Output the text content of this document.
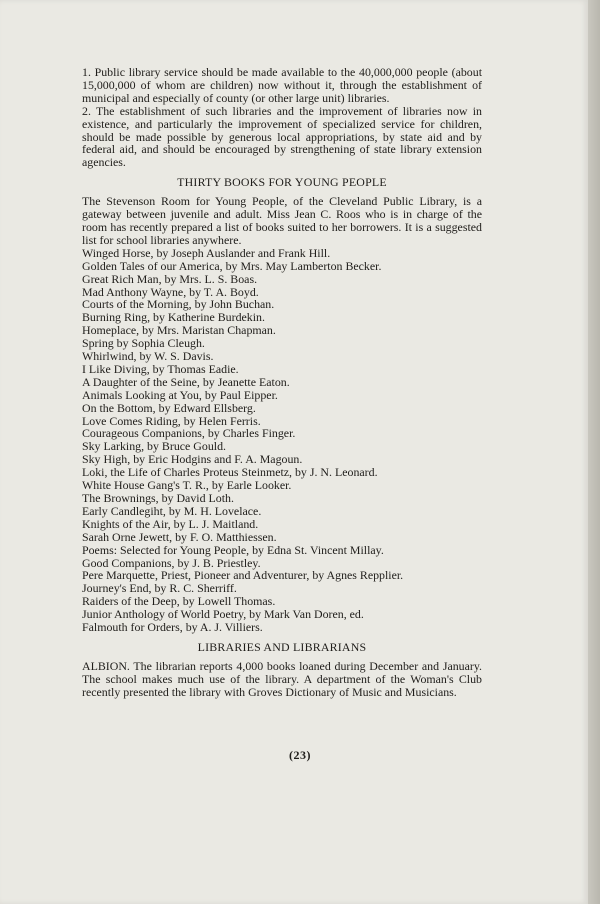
1. Public library service should be made available to the 40,000,000 people (about 15,000,000 of whom are children) now without it, through the establishment of municipal and especially of county (or other large unit) libraries.

2. The establishment of such libraries and the improvement of libraries now in existence, and particularly the improvement of specialized service for children, should be made possible by generous local appropriations, by state aid and by federal aid, and should be encouraged by strengthening of state library extension agencies.

THIRTY BOOKS FOR YOUNG PEOPLE

The Stevenson Room for Young People, of the Cleveland Public Library, is a gateway between juvenile and adult. Miss Jean C. Roos who is in charge of the room has recently prepared a list of books suited to her borrowers. It is a suggested list for school libraries anywhere.

Winged Horse, by Joseph Auslander and Frank Hill.
Golden Tales of our America, by Mrs. May Lamberton Becker.
Great Rich Man, by Mrs. L. S. Boas.
Mad Anthony Wayne, by T. A. Boyd.
Courts of the Morning, by John Buchan.
Burning Ring, by Katherine Burdekin.
Homeplace, by Mrs. Maristan Chapman.
Spring by Sophia Cleugh.
Whirlwind, by W. S. Davis.
I Like Diving, by Thomas Eadie.
A Daughter of the Seine, by Jeanette Eaton.
Animals Looking at You, by Paul Eipper.
On the Bottom, by Edward Ellsberg.
Love Comes Riding, by Helen Ferris.
Courageous Companions, by Charles Finger.
Sky Larking, by Bruce Gould.
Sky High, by Eric Hodgins and F. A. Magoun.
Loki, the Life of Charles Proteus Steinmetz, by J. N. Leonard.
White House Gang's T. R., by Earle Looker.
The Brownings, by David Loth.
Early Candlegiht, by M. H. Lovelace.
Knights of the Air, by L. J. Maitland.
Sarah Orne Jewett, by F. O. Matthiessen.
Poems: Selected for Young People, by Edna St. Vincent Millay.
Good Companions, by J. B. Priestley.
Pere Marquette, Priest, Pioneer and Adventurer, by Agnes Repplier.
Journey's End, by R. C. Sherriff.
Raiders of the Deep, by Lowell Thomas.
Junior Anthology of World Poetry, by Mark Van Doren, ed.
Falmouth for Orders, by A. J. Villiers.
LIBRARIES AND LIBRARIANS

ALBION. The librarian reports 4,000 books loaned during December and January. The school makes much use of the library. A department of the Woman's Club recently presented the library with Groves Dictionary of Music and Musicians.

(23)
